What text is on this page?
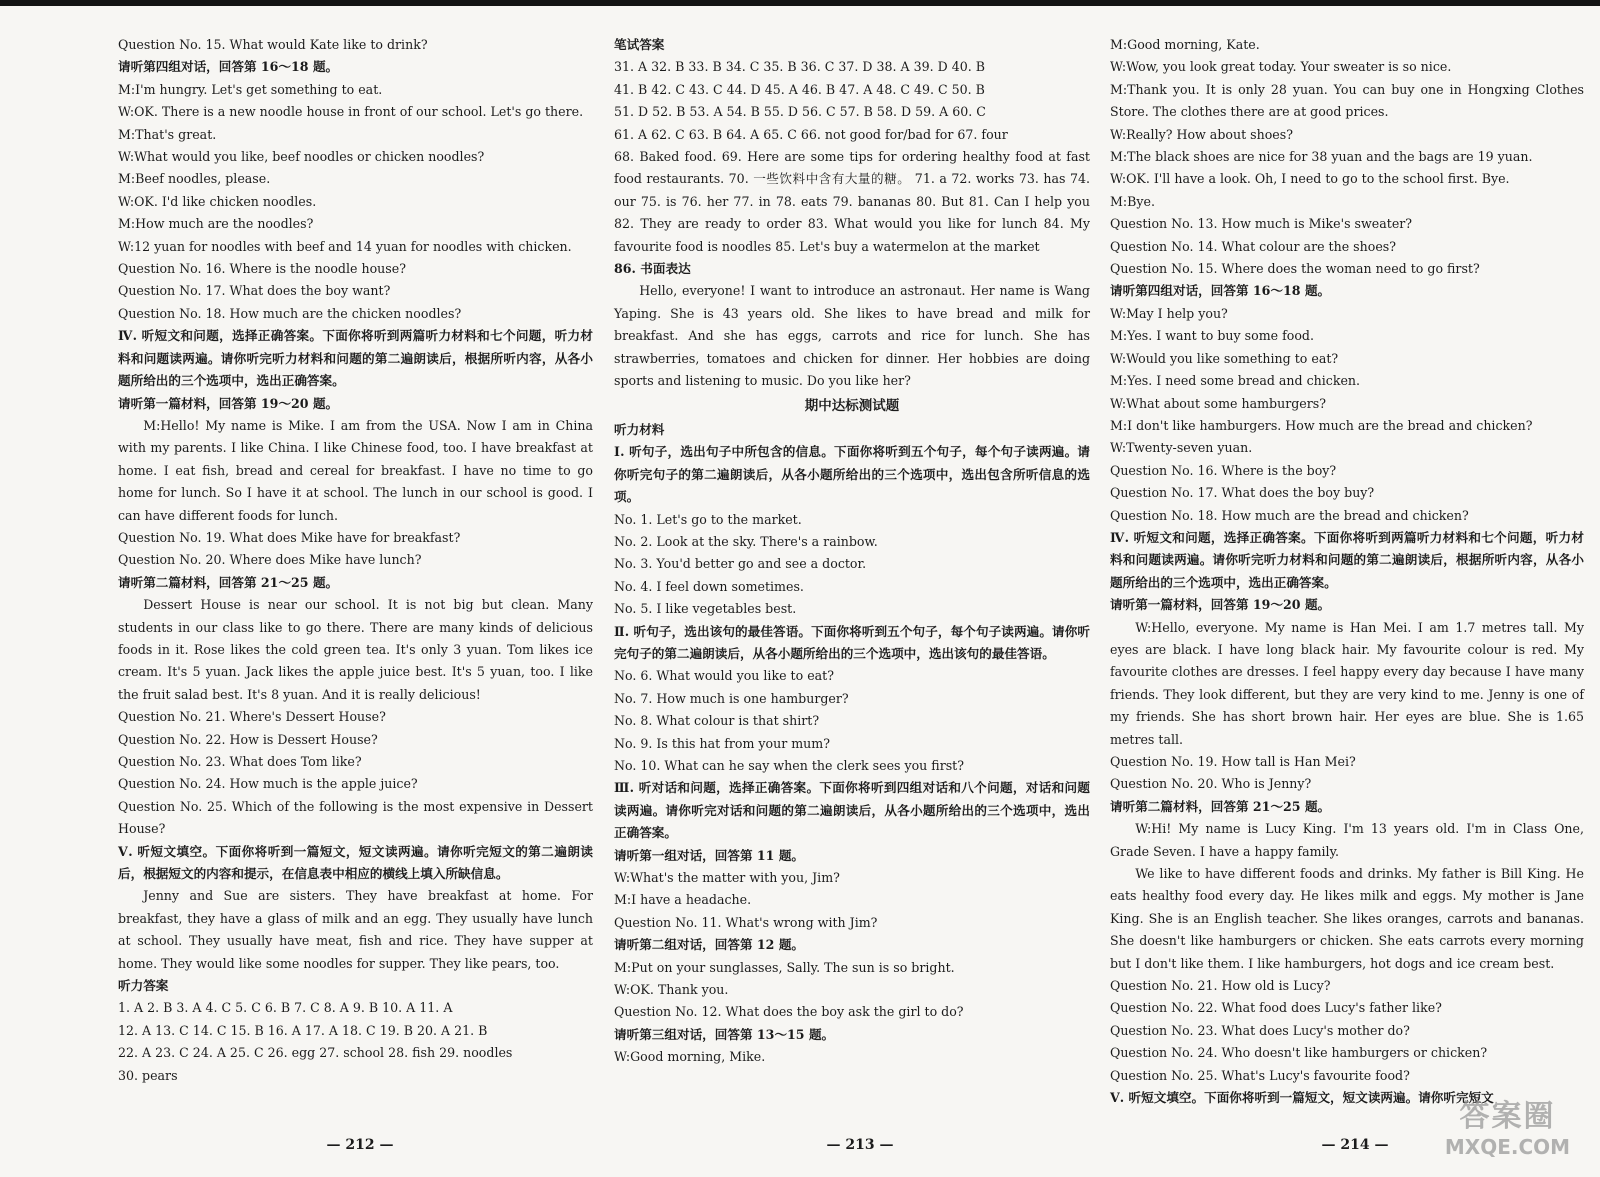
Question No. 15. What would Kate like to drink?

请听第四组对话，回答第 16～18 题。

M:I'm hungry. Let's get something to eat.

W:OK. There is a new noodle house in front of our school. Let's go there.

M:That's great.

W:What would you like, beef noodles or chicken noodles?

M:Beef noodles, please.

W:OK. I'd like chicken noodles.

M:How much are the noodles?

W:12 yuan for noodles with beef and 14 yuan for noodles with chicken.

Question No. 16. Where is the noodle house?

Question No. 17. What does the boy want?

Question No. 18. How much are the chicken noodles?

Ⅳ. 听短文和问题，选择正确答案。下面你将听到两篇听力材料和七个问题，听力材料和问题读两遍。请你听完听力材料和问题的第二遍朗读后，根据所听内容，从各小题所给出的三个选项中，选出正确答案。

请听第一篇材料，回答第 19～20 题。

M:Hello! My name is Mike. I am from the USA. Now I am in China with my parents. I like China. I like Chinese food, too. I have breakfast at home. I eat fish, bread and cereal for breakfast. I have no time to go home for lunch. So I have it at school. The lunch in our school is good. I can have different foods for lunch.

Question No. 19. What does Mike have for breakfast?

Question No. 20. Where does Mike have lunch?

请听第二篇材料，回答第 21～25 题。

Dessert House is near our school. It is not big but clean. Many students in our class like to go there. There are many kinds of delicious foods in it. Rose likes the cold green tea. It's only 3 yuan. Tom likes ice cream. It's 5 yuan. Jack likes the apple juice best. It's 5 yuan, too. I like the fruit salad best. It's 8 yuan. And it is really delicious!

Question No. 21. Where's Dessert House?

Question No. 22. How is Dessert House?

Question No. 23. What does Tom like?

Question No. 24. How much is the apple juice?

Question No. 25. Which of the following is the most expensive in Dessert House?

Ⅴ. 听短文填空。下面你将听到一篇短文，短文读两遍。请你听完短文的第二遍朗读后，根据短文的内容和提示，在信息表中相应的横线上填入所缺信息。

Jenny and Sue are sisters. They have breakfast at home. For breakfast, they have a glass of milk and an egg. They usually have lunch at school. They usually have meat, fish and rice. They have supper at home. They would like some noodles for supper. They like pears, too.

听力答案

1. A 2. B 3. A 4. C 5. C 6. B 7. C 8. A 9. B 10. A 11. A

12. A 13. C 14. C 15. B 16. A 17. A 18. C 19. B 20. A 21. B

22. A 23. C 24. A 25. C 26. egg 27. school 28. fish 29. noodles

30. pears

笔试答案

31. A 32. B 33. B 34. C 35. B 36. C 37. D 38. A 39. D 40. B

41. B 42. C 43. C 44. D 45. A 46. B 47. A 48. C 49. C 50. B

51. D 52. B 53. A 54. B 55. D 56. C 57. B 58. D 59. A 60. C

61. A 62. C 63. B 64. A 65. C 66. not good for/bad for 67. four

68. Baked food. 69. Here are some tips for ordering healthy food at fast food restaurants. 70. 一些饮料中含有大量的糖。 71. a 72. works 73. has 74. our 75. is 76. her 77. in 78. eats 79. bananas 80. But 81. Can I help you 82. They are ready to order 83. What would you like for lunch 84. My favourite food is noodles 85. Let's buy a watermelon at the market

86. 书面表达

Hello, everyone! I want to introduce an astronaut. Her name is Wang Yaping. She is 43 years old. She likes to have bread and milk for breakfast. And she has eggs, carrots and rice for lunch. She has strawberries, tomatoes and chicken for dinner. Her hobbies are doing sports and listening to music. Do you like her?

期中达标测试题

听力材料

Ⅰ. 听句子，选出句子中所包含的信息。下面你将听到五个句子，每个句子读两遍。请你听完句子的第二遍朗读后，从各小题所给出的三个选项中，选出包含所听信息的选项。

No. 1. Let's go to the market.

No. 2. Look at the sky. There's a rainbow.

No. 3. You'd better go and see a doctor.

No. 4. I feel down sometimes.

No. 5. I like vegetables best.

Ⅱ. 听句子，选出该句的最佳答语。下面你将听到五个句子，每个句子读两遍。请你听完句子的第二遍朗读后，从各小题所给出的三个选项中，选出该句的最佳答语。

No. 6. What would you like to eat?

No. 7. How much is one hamburger?

No. 8. What colour is that shirt?

No. 9. Is this hat from your mum?

No. 10. What can he say when the clerk sees you first?

Ⅲ. 听对话和问题，选择正确答案。下面你将听到四组对话和八个问题，对话和问题读两遍。请你听完对话和问题的第二遍朗读后，从各小题所给出的三个选项中，选出正确答案。

请听第一组对话，回答第 11 题。

W:What's the matter with you, Jim?

M:I have a headache.

Question No. 11. What's wrong with Jim?

请听第二组对话，回答第 12 题。

M:Put on your sunglasses, Sally. The sun is so bright.

W:OK. Thank you.

Question No. 12. What does the boy ask the girl to do?

请听第三组对话，回答第 13～15 题。

W:Good morning, Mike.

M:Good morning, Kate.

W:Wow, you look great today. Your sweater is so nice.

M:Thank you. It is only 28 yuan. You can buy one in Hongxing Clothes Store. The clothes there are at good prices.

W:Really? How about shoes?

M:The black shoes are nice for 38 yuan and the bags are 19 yuan.

W:OK. I'll have a look. Oh, I need to go to the school first. Bye.

M:Bye.

Question No. 13. How much is Mike's sweater?

Question No. 14. What colour are the shoes?

Question No. 15. Where does the woman need to go first?

请听第四组对话，回答第 16～18 题。

W:May I help you?

M:Yes. I want to buy some food.

W:Would you like something to eat?

M:Yes. I need some bread and chicken.

W:What about some hamburgers?

M:I don't like hamburgers. How much are the bread and chicken?

W:Twenty-seven yuan.

Question No. 16. Where is the boy?

Question No. 17. What does the boy buy?

Question No. 18. How much are the bread and chicken?

Ⅳ. 听短文和问题，选择正确答案。下面你将听到两篇听力材料和七个问题，听力材料和问题读两遍。请你听完听力材料和问题的第二遍朗读后，根据所听内容，从各小题所给出的三个选项中，选出正确答案。

请听第一篇材料，回答第 19～20 题。

W:Hello, everyone. My name is Han Mei. I am 1.7 metres tall. My eyes are black. I have long black hair. My favourite colour is red. My favourite clothes are dresses. I feel happy every day because I have many friends. They look different, but they are very kind to me. Jenny is one of my friends. She has short brown hair. Her eyes are blue. She is 1.65 metres tall.

Question No. 19. How tall is Han Mei?

Question No. 20. Who is Jenny?

请听第二篇材料，回答第 21～25 题。

W:Hi! My name is Lucy King. I'm 13 years old. I'm in Class One, Grade Seven. I have a happy family.

We like to have different foods and drinks. My father is Bill King. He eats healthy food every day. He likes milk and eggs. My mother is Jane King. She is an English teacher. She likes oranges, carrots and bananas. She doesn't like hamburgers or chicken. She eats carrots every morning but I don't like them. I like hamburgers, hot dogs and ice cream best.

Question No. 21. How old is Lucy?

Question No. 22. What food does Lucy's father like?

Question No. 23. What does Lucy's mother do?

Question No. 24. Who doesn't like hamburgers or chicken?

Question No. 25. What's Lucy's favourite food?

Ⅴ. 听短文填空。下面你将听到一篇短文，短文读两遍。请你听完短文

— 212 —	— 213 —	— 214 —
答案圈
MXQE.COM
